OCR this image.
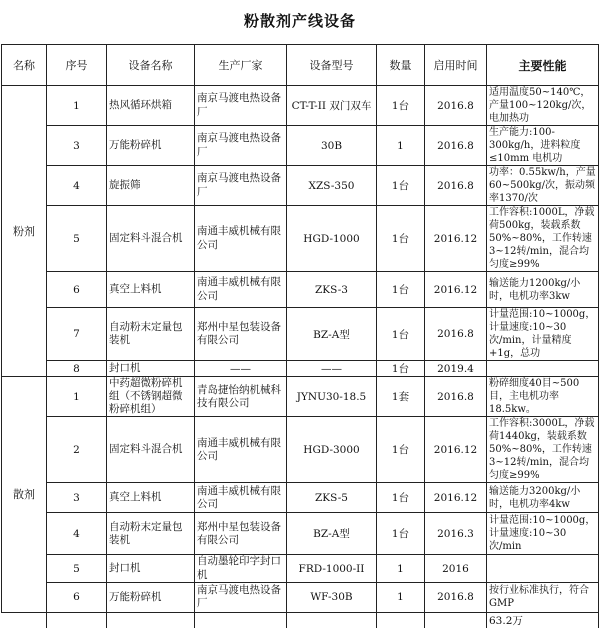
粉散剂产线设备
名称	序号	设备名称	生产厂家	设备型号	数量	启用时间	主要性能
粉剂	1	热风循环烘箱	南京马渡电热设备厂	CT-T-II 双门双车	1台	2016.8	适用温度50~140℃，产量100~120kg/次，电加热功
	3	万能粉碎机	南京马渡电热设备厂	30B	1	2016.8	生产能力:100-300kg/h，进料粒度≤10mm 电机功
	4	旋振筛	南京马渡电热设备厂	XZS-350	1台	2016.8	功率：0.55kw/h，产量60~500kg/次，振动频率1370/次
	5	固定料斗混合机	南通丰威机械有限公司	HGD-1000	1台	2016.12	工作容积:1000L，净载荷500kg，装载系数50%~80%，工作转速3~12转/min，混合均匀度≥99%
	6	真空上料机	南通丰威机械有限公司	ZKS-3	1台	2016.12	输送能力1200kg/小时，电机功率3kw
	7	自动粉末定量包装机	郑州中星包装设备有限公司	BZ-A型	1台	2016.8	计量范围:10~1000g，计量速度:10~30次/min，计量精度+1g，总功
	8	封口机	——	——	1台	2019.4	
散剂	1	中药超微粉碎机组（不锈钢超微粉碎机组）	青岛捷怡纳机械科技有限公司	JYNU30-18.5	1套	2016.8	粉碎细度40目~500目，主电机功率18.5kw。
	2	固定料斗混合机	南通丰威机械有限公司	HGD-3000	1台	2016.12	工作容积:3000L，净载荷1440kg，装载系数50%~80%，工作转速3~12转/min，混合均匀度≥99%
	3	真空上料机	南通丰威机械有限公司	ZKS-5	1台	2016.12	输送能力3200kg/小时，电机功率4kw
	4	自动粉末定量包装机	郑州中星包装设备有限公司	BZ-A型	1台	2016.3	计量范围:10~1000g，计量速度:10~30次/min
	5	封口机	自动墨轮印字封口机	FRD-1000-II	1	2016	
	6	万能粉碎机	南京马渡电热设备厂	WF-30B	1	2016.8	按行业标准执行，符合GMP
							63.2万
